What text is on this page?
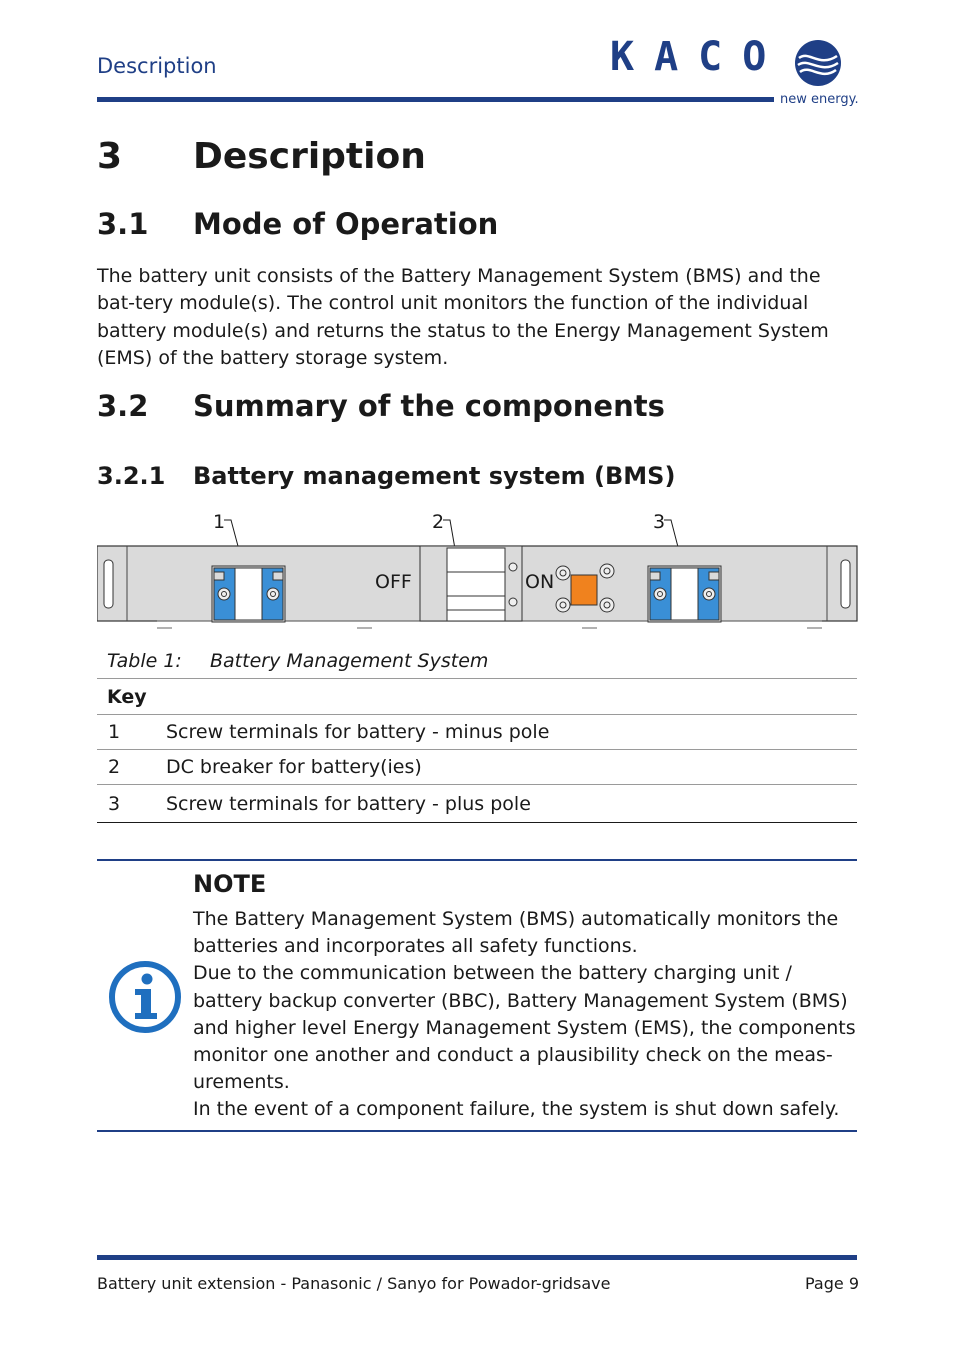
Description	KACO
new energy.
3 Description
3.1 Mode of Operation

The battery unit consists of the Battery Management System (BMS) and the bat-tery module(s). The control unit monitors the function of the individual battery module(s) and returns the status to the Energy Management System (EMS) of the battery storage system.

3.2 Summary of the components
3.2.1 Battery management system (BMS)
1	2	3
OFF	ON
Table 1: Battery Management System
Key	
1	Screw terminals for battery - minus pole
2	DC breaker for battery(ies)
3	Screw terminals for battery - plus pole
NOTE

The Battery Management System (BMS) automatically monitors the
batteries and incorporates all safety functions.
Due to the communication between the battery charging unit /
battery backup converter (BBC), Battery Management System (BMS)
and higher level Energy Management System (EMS), the components
monitor one another and conduct a plausibility check on the meas-
urements.
In the event of a component failure, the system is shut down safely.

Battery unit extension - Panasonic / Sanyo for Powador-gridsave	Page 9
